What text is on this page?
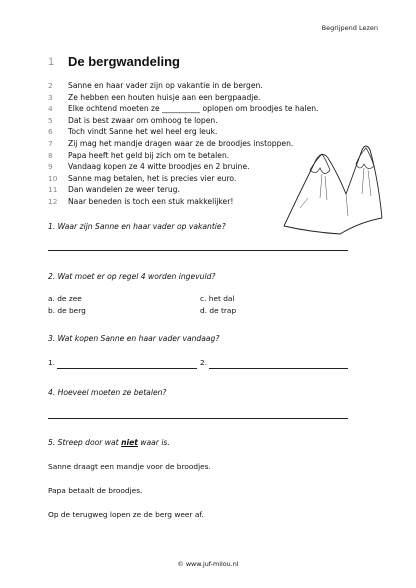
Begrijpend Lezen
1 De bergwandeling
2	Sanne en haar vader zijn op vakantie in de bergen.
3	Ze hebben een houten huisje aan een bergpaadje.
4	Elke ochtend moeten ze __________ oplopen om broodjes te halen.
5	Dat is best zwaar om omhoog te lopen.
6	Toch vindt Sanne het wel heel erg leuk.
7	Zij mag het mandje dragen waar ze de broodjes instoppen.
8	Papa heeft het geld bij zich om te betalen.
9	Vandaag kopen ze 4 witte broodjes en 2 bruine.
10	Sanne mag betalen, het is precies vier euro.
11	Dan wandelen ze weer terug.
12	Naar beneden is toch een stuk makkelijker!
1. Waar zijn Sanne en haar vader op vakantie?
2. Wat moet er op regel 4 worden ingevuld?
a. de zee
b. de berg
c. het dal
d. de trap
3. Wat kopen Sanne en haar vader vandaag?
1.	2.
4. Hoeveel moeten ze betalen?
5. Streep door wat niet waar is.
Sanne draagt een mandje voor de broodjes.
Papa betaalt de broodjes.
Op de terugweg lopen ze de berg weer af.
© www.juf-milou.nl
